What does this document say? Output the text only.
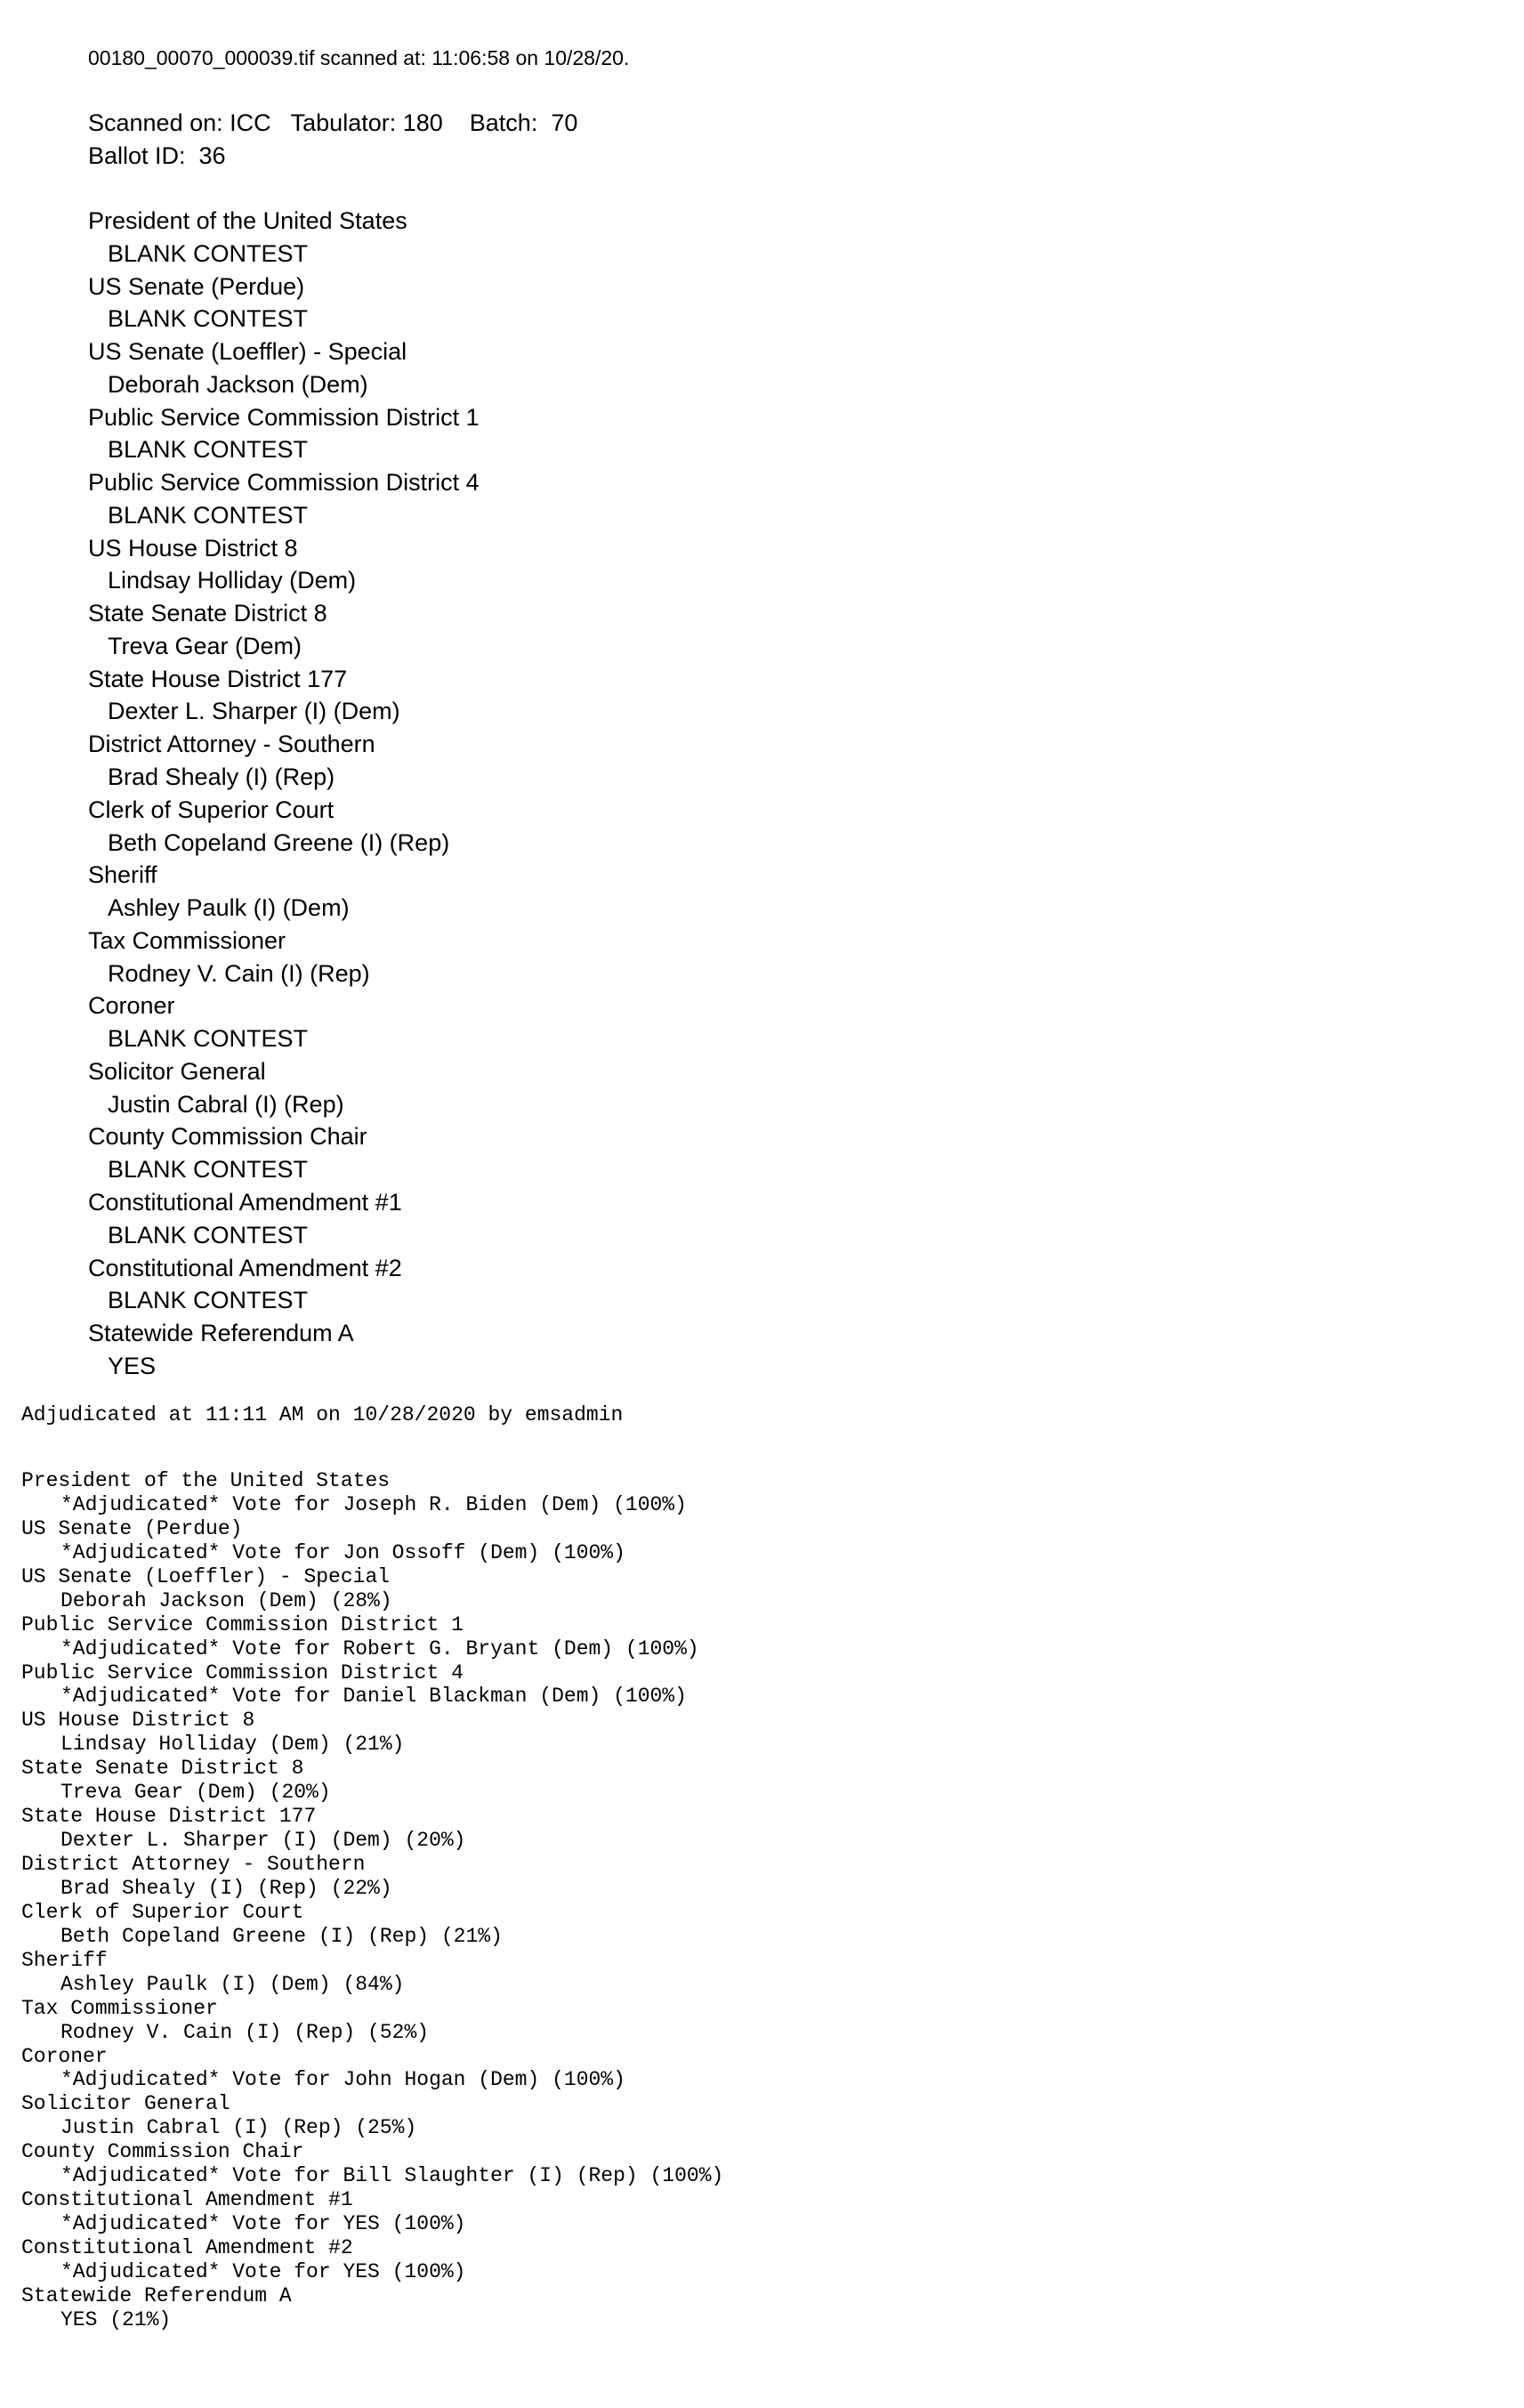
00180_00070_000039.tif scanned at: 11:06:58 on 10/28/20.
Scanned on: ICC   Tabulator: 180    Batch:  70
Ballot ID:  36
President of the United States
BLANK CONTEST
US Senate (Perdue)
BLANK CONTEST
US Senate (Loeffler) - Special
Deborah Jackson (Dem)
Public Service Commission District 1
BLANK CONTEST
Public Service Commission District 4
BLANK CONTEST
US House District 8
Lindsay Holliday (Dem)
State Senate District 8
Treva Gear (Dem)
State House District 177
Dexter L. Sharper (I) (Dem)
District Attorney - Southern
Brad Shealy (I) (Rep)
Clerk of Superior Court
Beth Copeland Greene (I) (Rep)
Sheriff
Ashley Paulk (I) (Dem)
Tax Commissioner
Rodney V. Cain (I) (Rep)
Coroner
BLANK CONTEST
Solicitor General
Justin Cabral (I) (Rep)
County Commission Chair
BLANK CONTEST
Constitutional Amendment #1
BLANK CONTEST
Constitutional Amendment #2
BLANK CONTEST
Statewide Referendum A
YES
Adjudicated at 11:11 AM on 10/28/2020 by emsadmin
President of the United States
*Adjudicated* Vote for Joseph R. Biden (Dem) (100%)
US Senate (Perdue)
*Adjudicated* Vote for Jon Ossoff (Dem) (100%)
US Senate (Loeffler) - Special
Deborah Jackson (Dem) (28%)
Public Service Commission District 1
*Adjudicated* Vote for Robert G. Bryant (Dem) (100%)
Public Service Commission District 4
*Adjudicated* Vote for Daniel Blackman (Dem) (100%)
US House District 8
Lindsay Holliday (Dem) (21%)
State Senate District 8
Treva Gear (Dem) (20%)
State House District 177
Dexter L. Sharper (I) (Dem) (20%)
District Attorney - Southern
Brad Shealy (I) (Rep) (22%)
Clerk of Superior Court
Beth Copeland Greene (I) (Rep) (21%)
Sheriff
Ashley Paulk (I) (Dem) (84%)
Tax Commissioner
Rodney V. Cain (I) (Rep) (52%)
Coroner
*Adjudicated* Vote for John Hogan (Dem) (100%)
Solicitor General
Justin Cabral (I) (Rep) (25%)
County Commission Chair
*Adjudicated* Vote for Bill Slaughter (I) (Rep) (100%)
Constitutional Amendment #1
*Adjudicated* Vote for YES (100%)
Constitutional Amendment #2
*Adjudicated* Vote for YES (100%)
Statewide Referendum A
YES (21%)
